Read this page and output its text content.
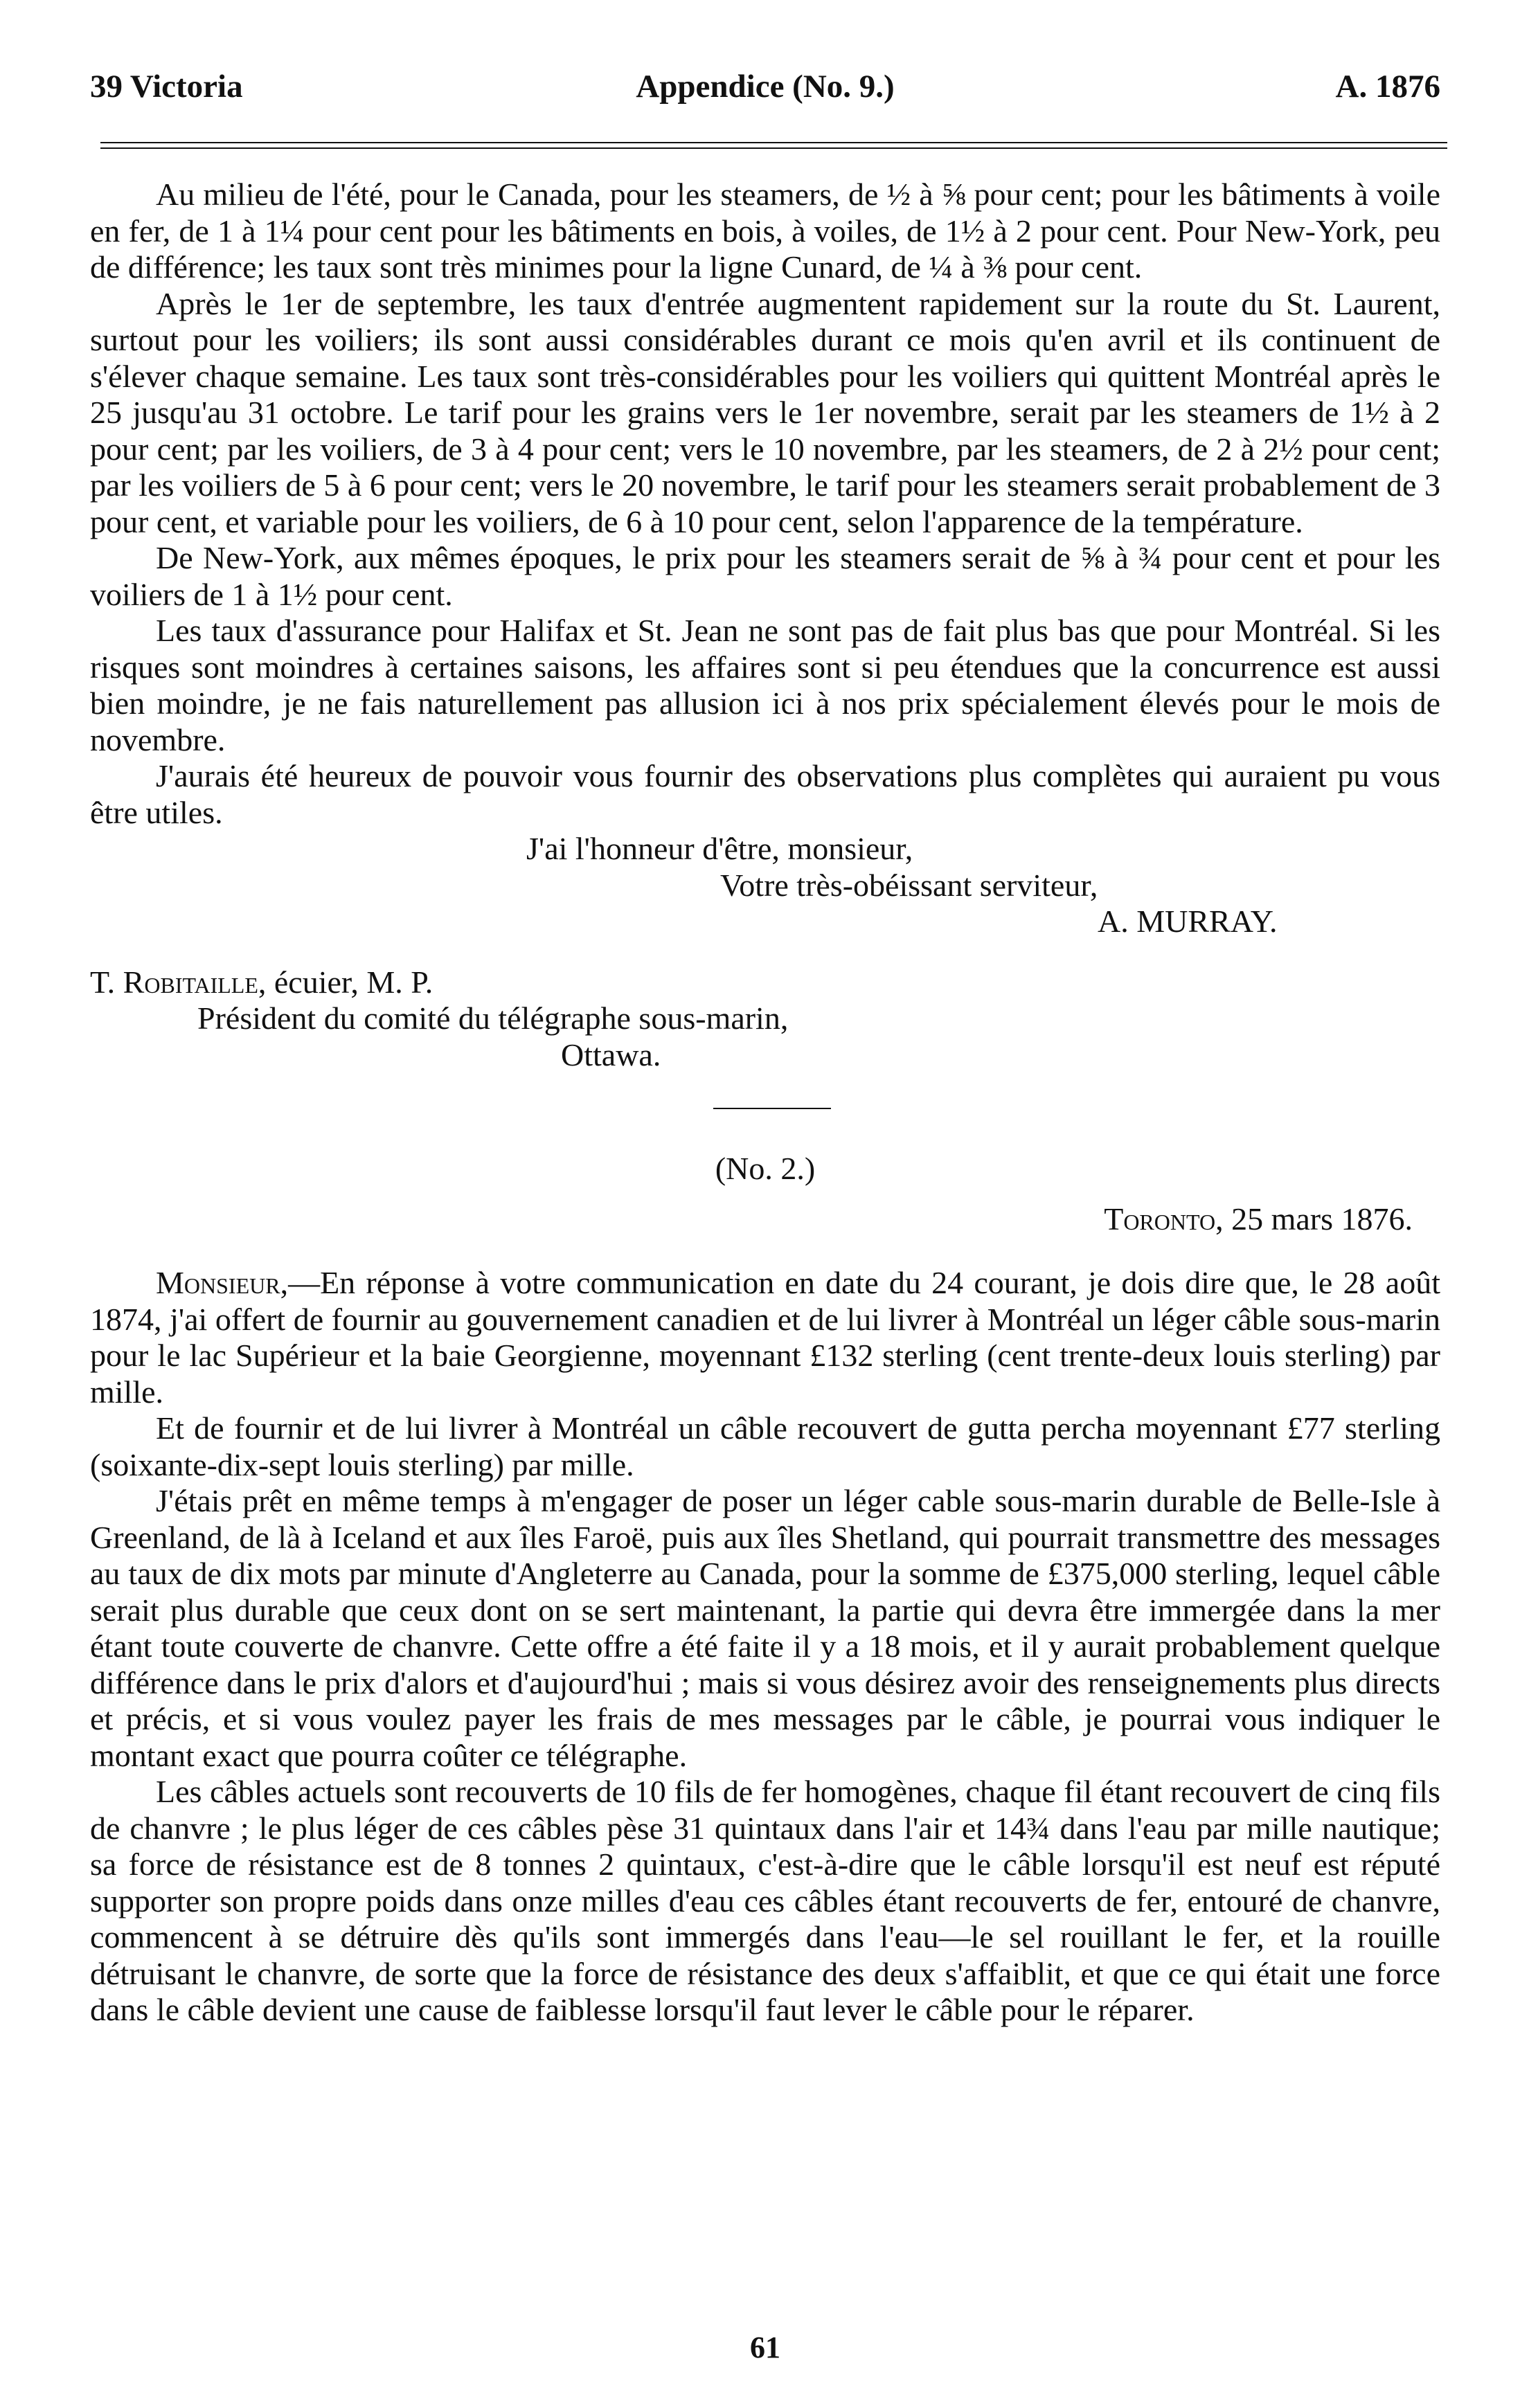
39 Victoria	Appendice (No. 9.)	A. 1876

Au milieu de l'été, pour le Canada, pour les steamers, de ½ à ⅝ pour cent; pour les bâtiments à voile en fer, de 1 à 1¼ pour cent pour les bâtiments en bois, à voiles, de 1½ à 2 pour cent. Pour New-York, peu de différence; les taux sont très minimes pour la ligne Cunard, de ¼ à ⅜ pour cent.

Après le 1er de septembre, les taux d'entrée augmentent rapidement sur la route du St. Laurent, surtout pour les voiliers; ils sont aussi considérables durant ce mois qu'en avril et ils continuent de s'élever chaque semaine. Les taux sont très-considérables pour les voiliers qui quittent Montréal après le 25 jusqu'au 31 octobre. Le tarif pour les grains vers le 1er novembre, serait par les steamers de 1½ à 2 pour cent; par les voiliers, de 3 à 4 pour cent; vers le 10 novembre, par les steamers, de 2 à 2½ pour cent; par les voiliers de 5 à 6 pour cent; vers le 20 novembre, le tarif pour les steamers serait probablement de 3 pour cent, et variable pour les voiliers, de 6 à 10 pour cent, selon l'apparence de la température.

De New-York, aux mêmes époques, le prix pour les steamers serait de ⅝ à ¾ pour cent et pour les voiliers de 1 à 1½ pour cent.

Les taux d'assurance pour Halifax et St. Jean ne sont pas de fait plus bas que pour Montréal. Si les risques sont moindres à certaines saisons, les affaires sont si peu étendues que la concurrence est aussi bien moindre, je ne fais naturellement pas allusion ici à nos prix spécialement élevés pour le mois de novembre.

J'aurais été heureux de pouvoir vous fournir des observations plus complètes qui auraient pu vous être utiles.

J'ai l'honneur d'être, monsieur,
Votre très-obéissant serviteur,
A. MURRAY.
T. Robitaille, écuier, M. P.
Président du comité du télégraphe sous-marin,
Ottawa.
(No. 2.)
Toronto, 25 mars 1876.

Monsieur,—En réponse à votre communication en date du 24 courant, je dois dire que, le 28 août 1874, j'ai offert de fournir au gouvernement canadien et de lui livrer à Montréal un léger câble sous-marin pour le lac Supérieur et la baie Georgienne, moyennant £132 sterling (cent trente-deux louis sterling) par mille.

Et de fournir et de lui livrer à Montréal un câble recouvert de gutta percha moyennant £77 sterling (soixante-dix-sept louis sterling) par mille.

J'étais prêt en même temps à m'engager de poser un léger cable sous-marin durable de Belle-Isle à Greenland, de là à Iceland et aux îles Faroë, puis aux îles Shetland, qui pourrait transmettre des messages au taux de dix mots par minute d'Angleterre au Canada, pour la somme de £375,000 sterling, lequel câble serait plus durable que ceux dont on se sert maintenant, la partie qui devra être immergée dans la mer étant toute couverte de chanvre. Cette offre a été faite il y a 18 mois, et il y aurait probablement quelque différence dans le prix d'alors et d'aujourd'hui ; mais si vous désirez avoir des renseignements plus directs et précis, et si vous voulez payer les frais de mes messages par le câble, je pourrai vous indiquer le montant exact que pourra coûter ce télégraphe.

Les câbles actuels sont recouverts de 10 fils de fer homogènes, chaque fil étant recouvert de cinq fils de chanvre ; le plus léger de ces câbles pèse 31 quintaux dans l'air et 14¾ dans l'eau par mille nautique; sa force de résistance est de 8 tonnes 2 quintaux, c'est-à-dire que le câble lorsqu'il est neuf est réputé supporter son propre poids dans onze milles d'eau ces câbles étant recouverts de fer, entouré de chanvre, commencent à se détruire dès qu'ils sont immergés dans l'eau—le sel rouillant le fer, et la rouille détruisant le chanvre, de sorte que la force de résistance des deux s'affaiblit, et que ce qui était une force dans le câble devient une cause de faiblesse lorsqu'il faut lever le câble pour le réparer.

61
